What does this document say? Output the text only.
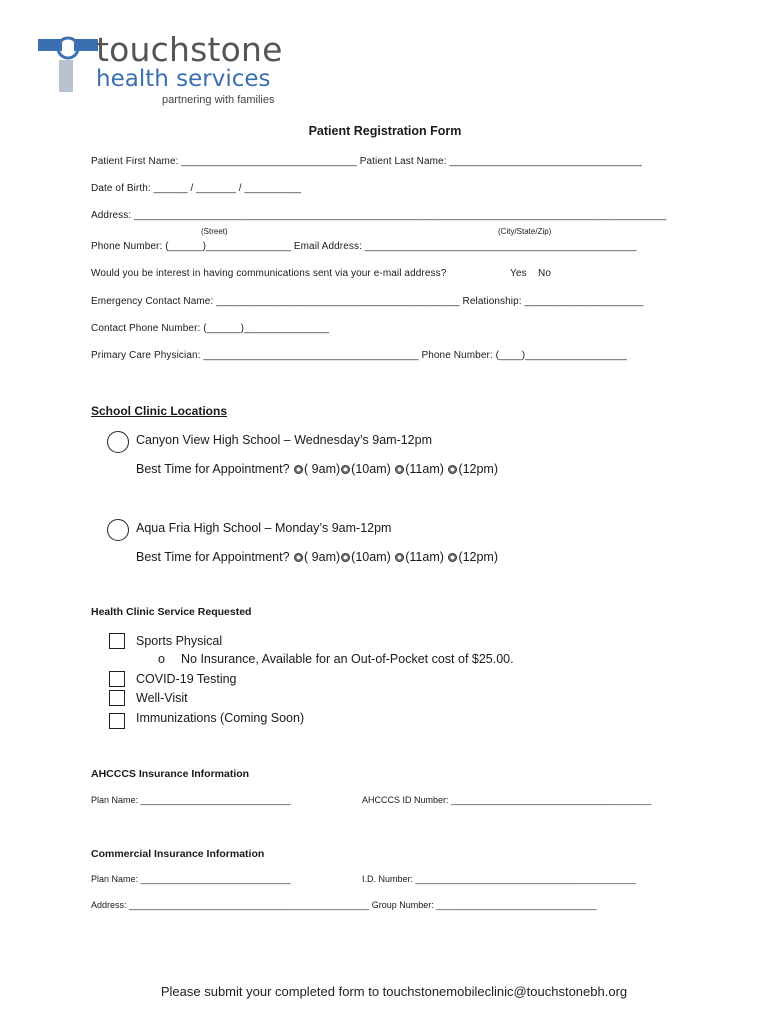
touchstone
health services
partnering with families
Patient Registration Form
Patient First Name: _______________________________ Patient Last Name: __________________________________
Date of Birth: ______ / _______ / __________
Address: ______________________________________________________________________________________________
(Street)	(City/State/Zip)
Phone Number: (______)_______________ Email Address: ________________________________________________
Would you be interest in having communications sent via your e-mail address?	Yes No
Emergency Contact Name: ___________________________________________ Relationship: _____________________
Contact Phone Number: (______)_______________
Primary Care Physician: ______________________________________ Phone Number: (____)__________________
School Clinic Locations
Canyon View High School – Wednesday’s 9am-12pm
Best Time for Appointment? ( 9am) (10am) (11am) (12pm)
Aqua Fria High School – Monday’s 9am-12pm
Best Time for Appointment? ( 9am) (10am) (11am) (12pm)
Health Clinic Service Requested
Sports Physical
o No Insurance, Available for an Out-of-Pocket cost of $25.00.
COVID-19 Testing
Well-Visit
Immunizations (Coming Soon)
AHCCCS Insurance Information
Plan Name: ______________________________	AHCCCS ID Number: ________________________________________
Commercial Insurance Information
Plan Name: ______________________________	I.D. Number: ____________________________________________
Address: ________________________________________________ Group Number: ________________________________
Please submit your completed form to touchstonemobileclinic@touchstonebh.org
